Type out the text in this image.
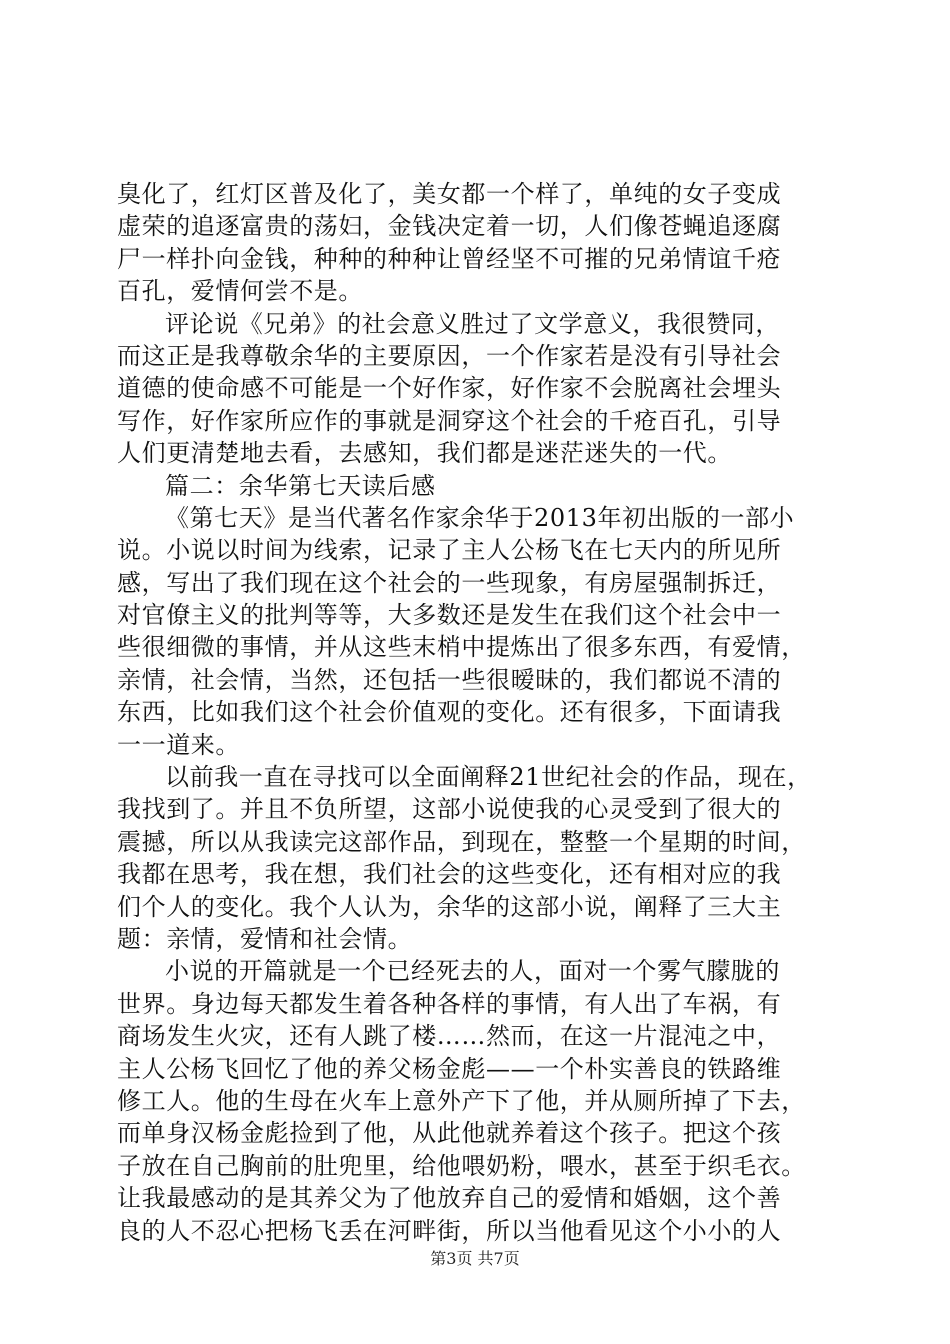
臭化了，红灯区普及化了，美女都一个样了，单纯的女子变成
虚荣的追逐富贵的荡妇，金钱决定着一切，人们像苍蝇追逐腐
尸一样扑向金钱，种种的种种让曾经坚不可摧的兄弟情谊千疮
百孔，爱情何尝不是。
评论说《兄弟》的社会意义胜过了文学意义，我很赞同，
而这正是我尊敬余华的主要原因，一个作家若是没有引导社会
道德的使命感不可能是一个好作家，好作家不会脱离社会埋头
写作，好作家所应作的事就是洞穿这个社会的千疮百孔，引导
人们更清楚地去看，去感知，我们都是迷茫迷失的一代。
篇二：余华第七天读后感
《第七天》是当代著名作家余华于2013年初出版的一部小
说。小说以时间为线索，记录了主人公杨飞在七天内的所见所
感，写出了我们现在这个社会的一些现象，有房屋强制拆迁，
对官僚主义的批判等等，大多数还是发生在我们这个社会中一
些很细微的事情，并从这些末梢中提炼出了很多东西，有爱情，
亲情，社会情，当然，还包括一些很暧昧的，我们都说不清的
东西，比如我们这个社会价值观的变化。还有很多，下面请我
一一道来。
以前我一直在寻找可以全面阐释21世纪社会的作品，现在，
我找到了。并且不负所望，这部小说使我的心灵受到了很大的
震撼，所以从我读完这部作品，到现在，整整一个星期的时间，
我都在思考，我在想，我们社会的这些变化，还有相对应的我
们个人的变化。我个人认为，余华的这部小说，阐释了三大主
题：亲情，爱情和社会情。
小说的开篇就是一个已经死去的人，面对一个雾气朦胧的
世界。身边每天都发生着各种各样的事情，有人出了车祸，有
商场发生火灾，还有人跳了楼……然而，在这一片混沌之中，
主人公杨飞回忆了他的养父杨金彪——一个朴实善良的铁路维
修工人。他的生母在火车上意外产下了他，并从厕所掉了下去，
而单身汉杨金彪捡到了他，从此他就养着这个孩子。把这个孩
子放在自己胸前的肚兜里，给他喂奶粉，喂水，甚至于织毛衣。
让我最感动的是其养父为了他放弃自己的爱情和婚姻，这个善
良的人不忍心把杨飞丢在河畔街，所以当他看见这个小小的人
第3页 共7页
